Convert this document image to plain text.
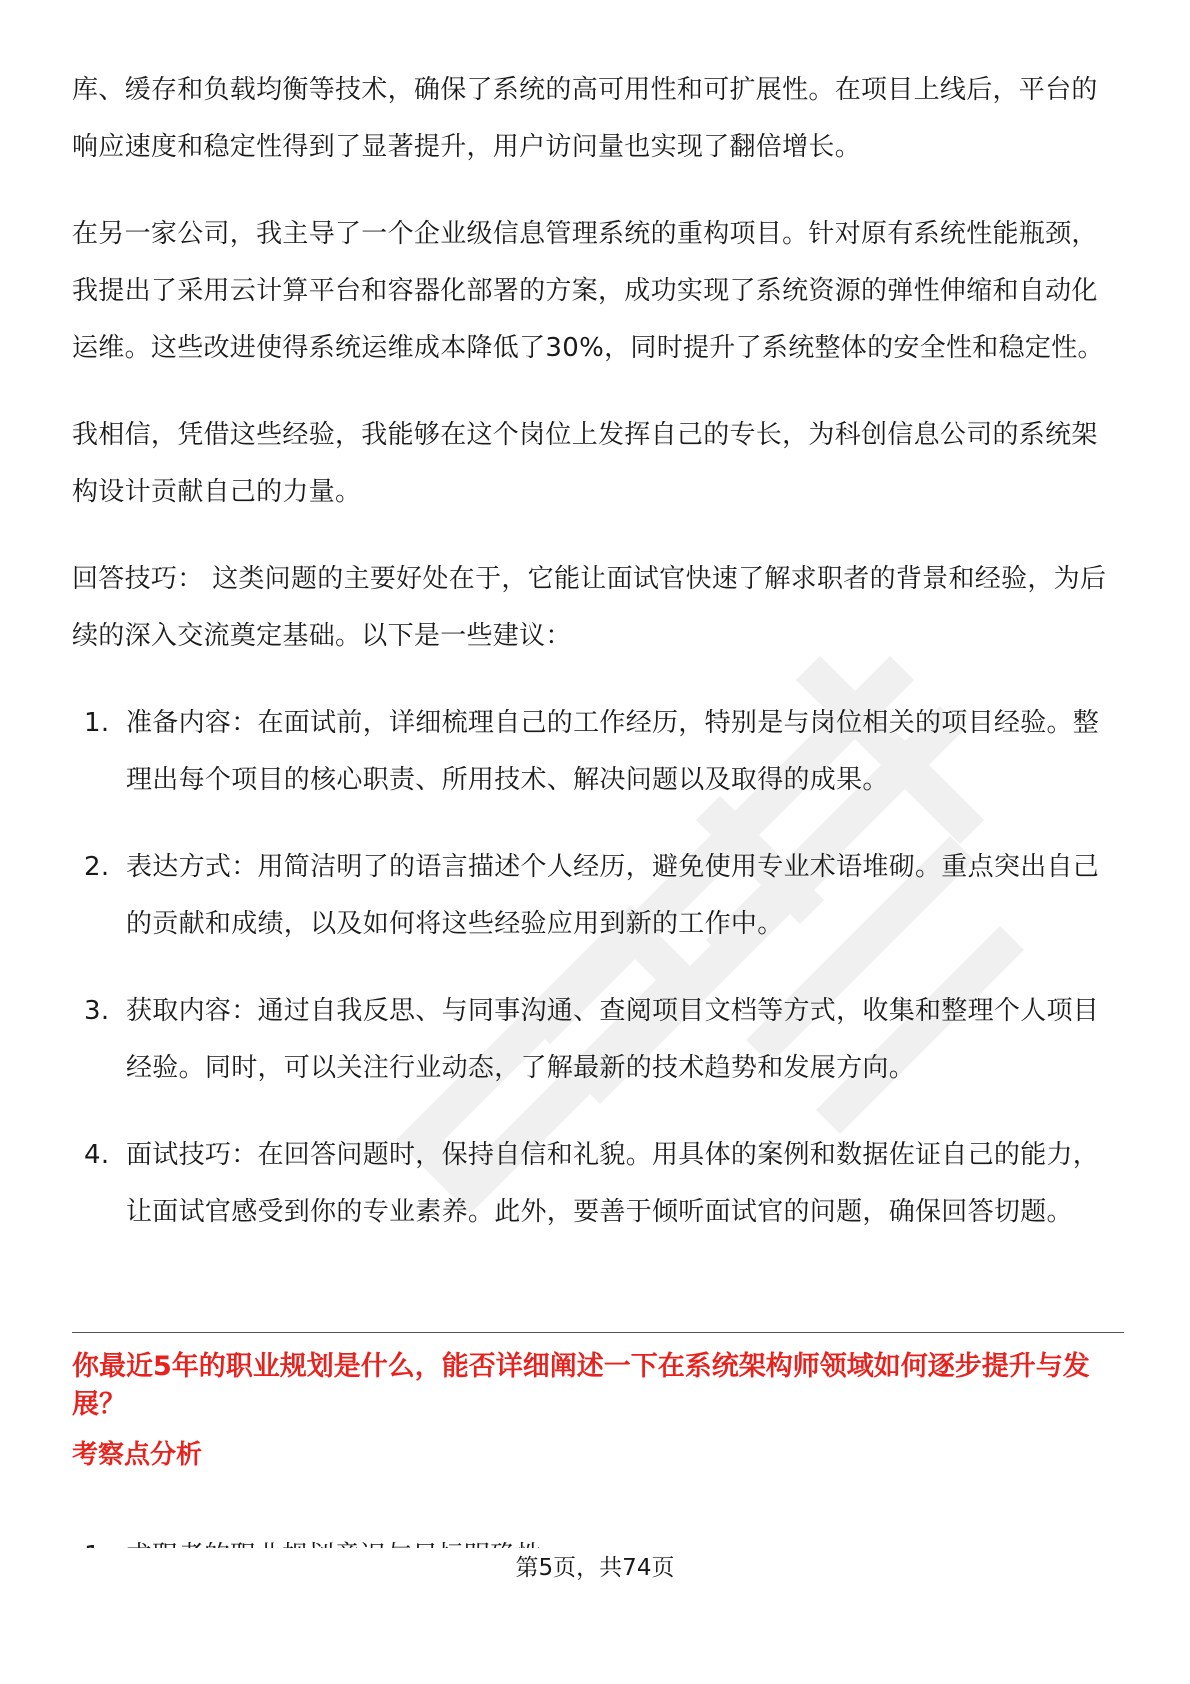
库、缓存和负载均衡等技术，确保了系统的高可用性和可扩展性。在项目上线后，平台的响应速度和稳定性得到了显著提升，用户访问量也实现了翻倍增长。

在另一家公司，我主导了一个企业级信息管理系统的重构项目。针对原有系统性能瓶颈，我提出了采用云计算平台和容器化部署的方案，成功实现了系统资源的弹性伸缩和自动化运维。这些改进使得系统运维成本降低了30%，同时提升了系统整体的安全性和稳定性。

我相信，凭借这些经验，我能够在这个岗位上发挥自己的专长，为科创信息公司的系统架构设计贡献自己的力量。

回答技巧： 这类问题的主要好处在于，它能让面试官快速了解求职者的背景和经验，为后续的深入交流奠定基础。以下是一些建议：

1. 准备内容：在面试前，详细梳理自己的工作经历，特别是与岗位相关的项目经验。整理出每个项目的核心职责、所用技术、解决问题以及取得的成果。
2. 表达方式：用简洁明了的语言描述个人经历，避免使用专业术语堆砌。重点突出自己的贡献和成绩，以及如何将这些经验应用到新的工作中。
3. 获取内容：通过自我反思、与同事沟通、查阅项目文档等方式，收集和整理个人项目经验。同时，可以关注行业动态，了解最新的技术趋势和发展方向。
4. 面试技巧：在回答问题时，保持自信和礼貌。用具体的案例和数据佐证自己的能力，让面试官感受到你的专业素养。此外，要善于倾听面试官的问题，确保回答切题。
你最近5年的职业规划是什么，能否详细阐述一下在系统架构师领域如何逐步提升与发展？
考察点分析
第5页，共74页
